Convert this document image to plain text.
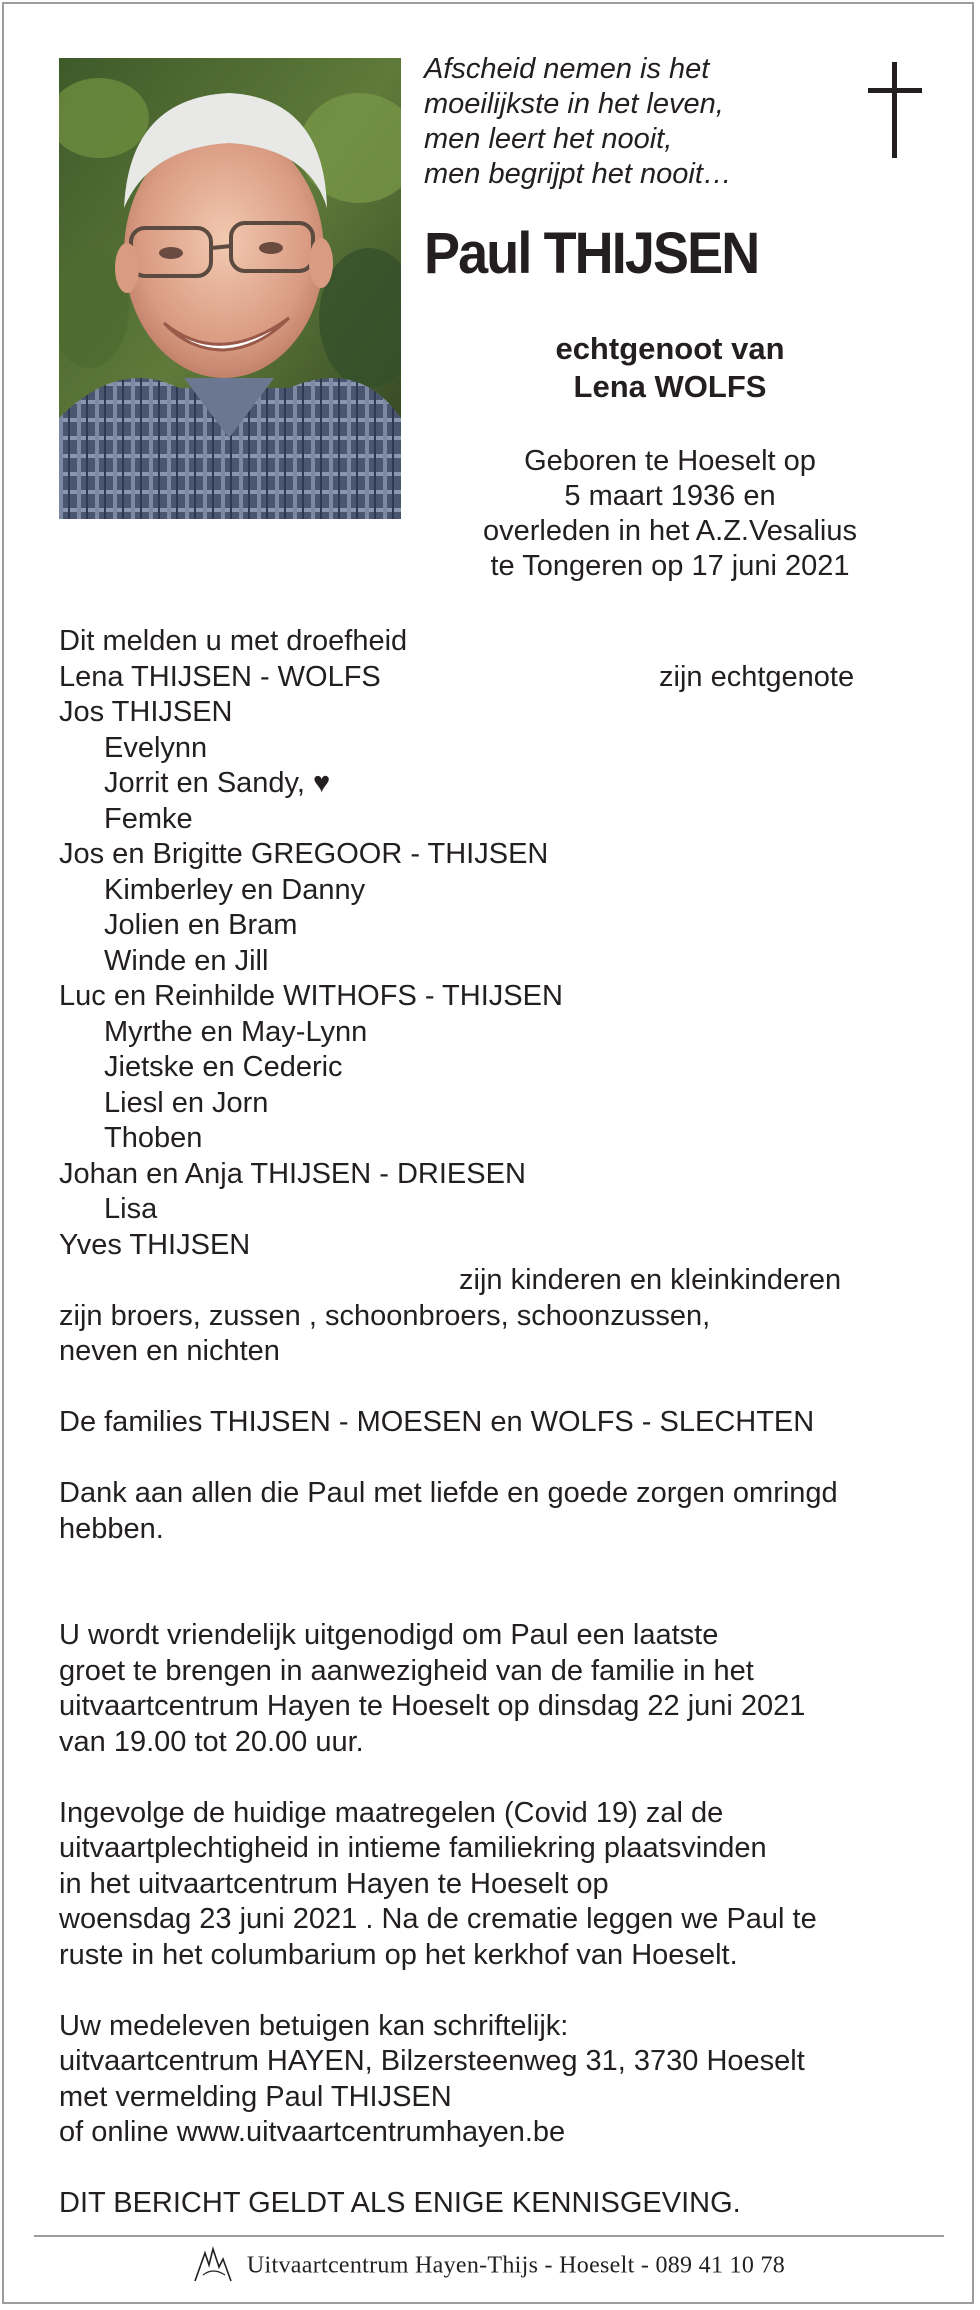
Afscheid nemen is het
moeilijkste in het leven,
men leert het nooit,
men begrijpt het nooit…
Paul THIJSEN
echtgenoot van
Lena WOLFS
Geboren te Hoeselt op
5 maart 1936 en
overleden in het A.Z.Vesalius
te Tongeren op 17 juni 2021
Dit melden u met droefheid
Lena THIJSEN - WOLFS	zijn echtgenote
Jos THIJSEN
Evelynn
Jorrit en Sandy, ♥
Femke
Jos en Brigitte GREGOOR - THIJSEN
Kimberley en Danny
Jolien en Bram
Winde en Jill
Luc en Reinhilde WITHOFS - THIJSEN
Myrthe en May-Lynn
Jietske en Cederic
Liesl en Jorn
Thoben
Johan en Anja THIJSEN - DRIESEN
Lisa
Yves THIJSEN
zijn kinderen en kleinkinderen
zijn broers, zussen , schoonbroers, schoonzussen,
neven en nichten
De families THIJSEN - MOESEN en WOLFS - SLECHTEN
Dank aan allen die Paul met liefde en goede zorgen omringd
hebben.
U wordt vriendelijk uitgenodigd om Paul een laatste
groet te brengen in aanwezigheid van de familie in het
uitvaartcentrum Hayen te Hoeselt op dinsdag 22 juni 2021
van 19.00 tot 20.00 uur.
Ingevolge de huidige maatregelen (Covid 19) zal de
uitvaartplechtigheid in intieme familiekring plaatsvinden
in het uitvaartcentrum Hayen te Hoeselt op
woensdag 23 juni 2021 . Na de crematie leggen we Paul te
ruste in het columbarium op het kerkhof van Hoeselt.
Uw medeleven betuigen kan schriftelijk:
uitvaartcentrum HAYEN, Bilzersteenweg 31, 3730 Hoeselt
met vermelding Paul THIJSEN
of online www.uitvaartcentrumhayen.be
DIT BERICHT GELDT ALS ENIGE KENNISGEVING.
Uitvaartcentrum Hayen-Thijs - Hoeselt - 089 41 10 78
